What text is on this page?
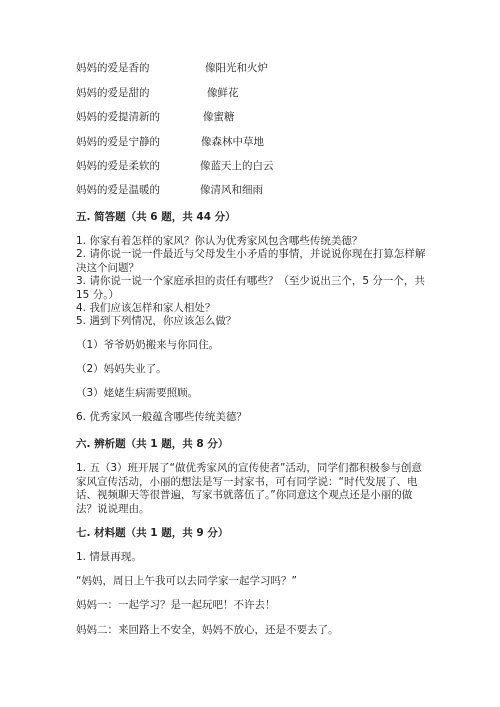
妈妈的爱是香的	像阳光和火炉
妈妈的爱是甜的	像鲜花
妈妈的爱提清新的	像蜜糖
妈妈的爱是宁静的	像森林中草地
妈妈的爱是柔软的	像蓝天上的白云
妈妈的爱是温暖的	像清风和细雨
五. 简答题（共 6 题，共 44 分）
1. 你家有着怎样的家风？你认为优秀家风包含哪些传统美德？
2. 请你说一说一件最近与父母发生小矛盾的事情，并说说你现在打算怎样解决这个问题？
3. 请你说一说一个家庭承担的责任有哪些？（至少说出三个，5 分一个，共 15 分。）
4. 我们应该怎样和家人相处？
5. 遇到下列情况，你应该怎么做？
（1）爷爷奶奶搬来与你同住。
（2）妈妈失业了。
（3）姥姥生病需要照顾。
6. 优秀家风一般蕴含哪些传统美德？
六. 辨析题（共 1 题，共 8 分）
1. 五（3）班开展了“做优秀家风的宣传使者”活动，同学们都积极参与创意家风宣传活动，小丽的想法是写一封家书，可有同学说：“时代发展了、电话、视频聊天等很普遍，写家书就落伍了。”你同意这个观点还是小丽的做法？说说理由。
七. 材料题（共 1 题，共 9 分）
1. 情景再现。
“妈妈，周日上午我可以去同学家一起学习吗？”
妈妈一：一起学习？是一起玩吧！不许去！
妈妈二：来回路上不安全，妈妈不放心，还是不要去了。
